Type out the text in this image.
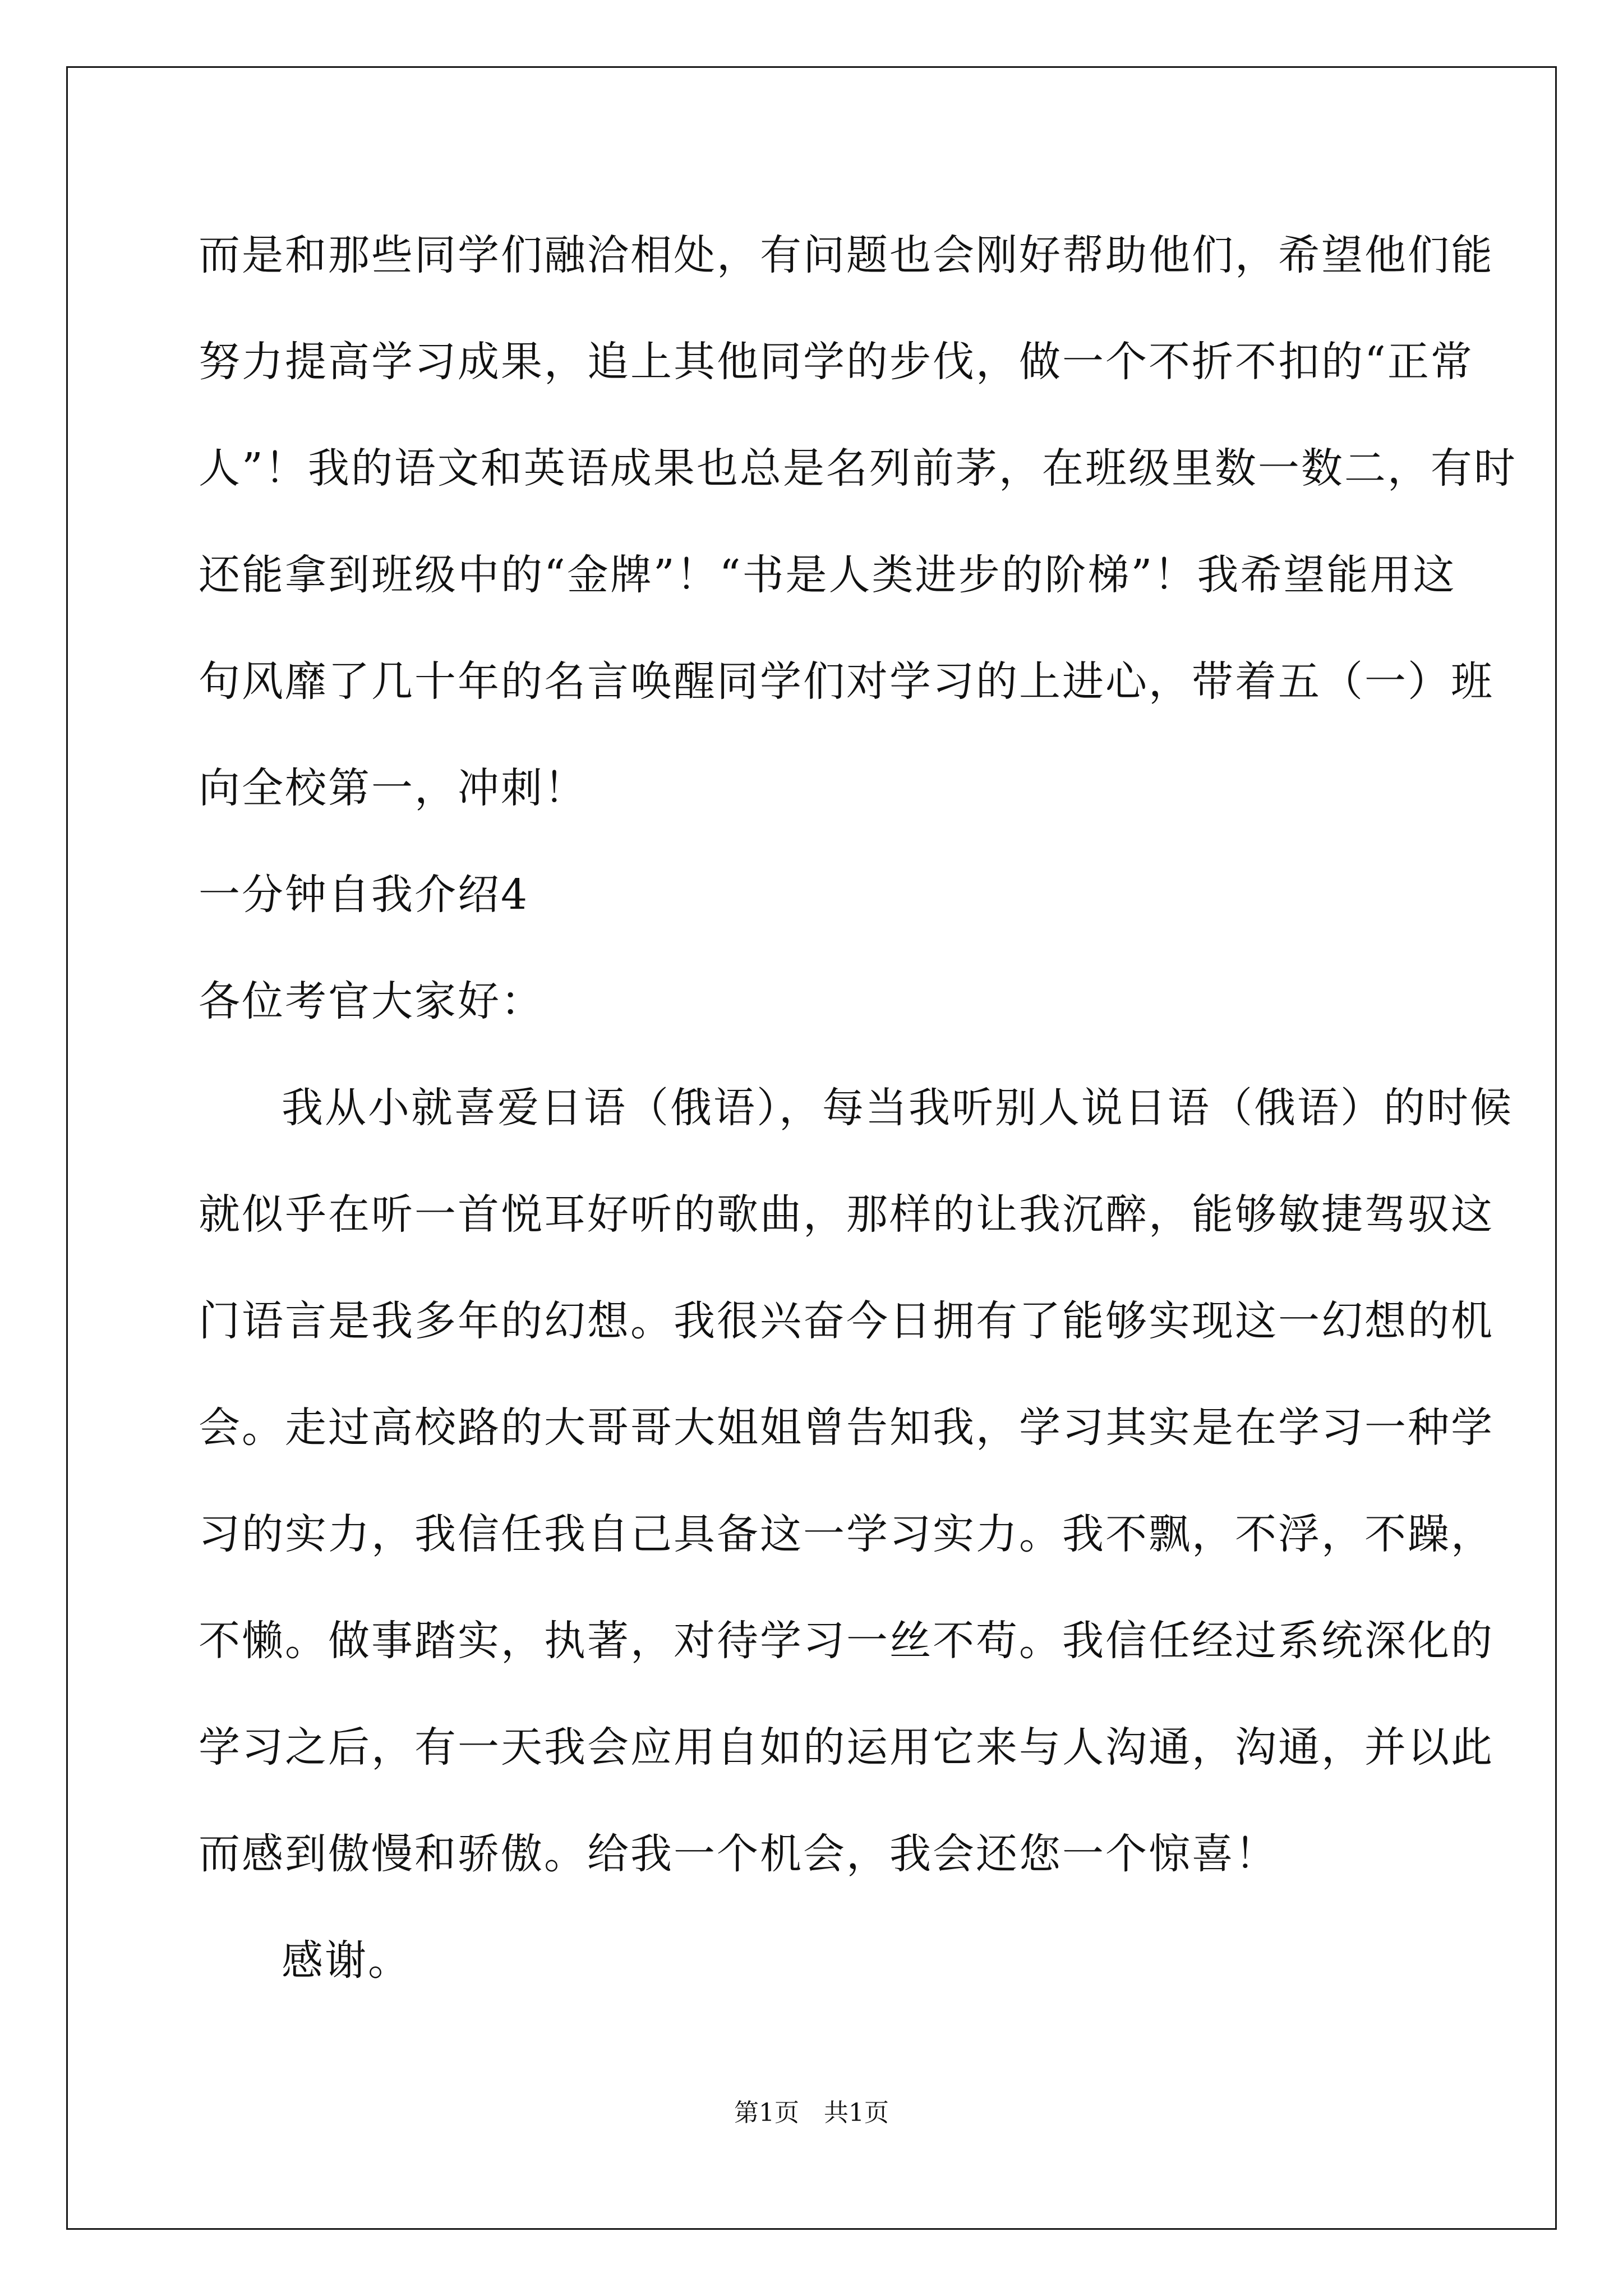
而是和那些同学们融洽相处，有问题也会刚好帮助他们，希望他们能
努力提高学习成果，追上其他同学的步伐，做一个不折不扣的“正常
人”！我的语文和英语成果也总是名列前茅，在班级里数一数二，有时
还能拿到班级中的“金牌”！“书是人类进步的阶梯”！我希望能用这
句风靡了几十年的名言唤醒同学们对学习的上进心，带着五（一）班
向全校第一，冲刺！
一分钟自我介绍4
各位考官大家好：
我从小就喜爱日语（俄语），每当我听别人说日语（俄语）的时候
就似乎在听一首悦耳好听的歌曲，那样的让我沉醉，能够敏捷驾驭这
门语言是我多年的幻想。我很兴奋今日拥有了能够实现这一幻想的机
会。走过高校路的大哥哥大姐姐曾告知我，学习其实是在学习一种学
习的实力，我信任我自己具备这一学习实力。我不飘，不浮，不躁，
不懒。做事踏实，执著，对待学习一丝不苟。我信任经过系统深化的
学习之后，有一天我会应用自如的运用它来与人沟通，沟通，并以此
而感到傲慢和骄傲。给我一个机会，我会还您一个惊喜！
感谢。
第1页　共1页
